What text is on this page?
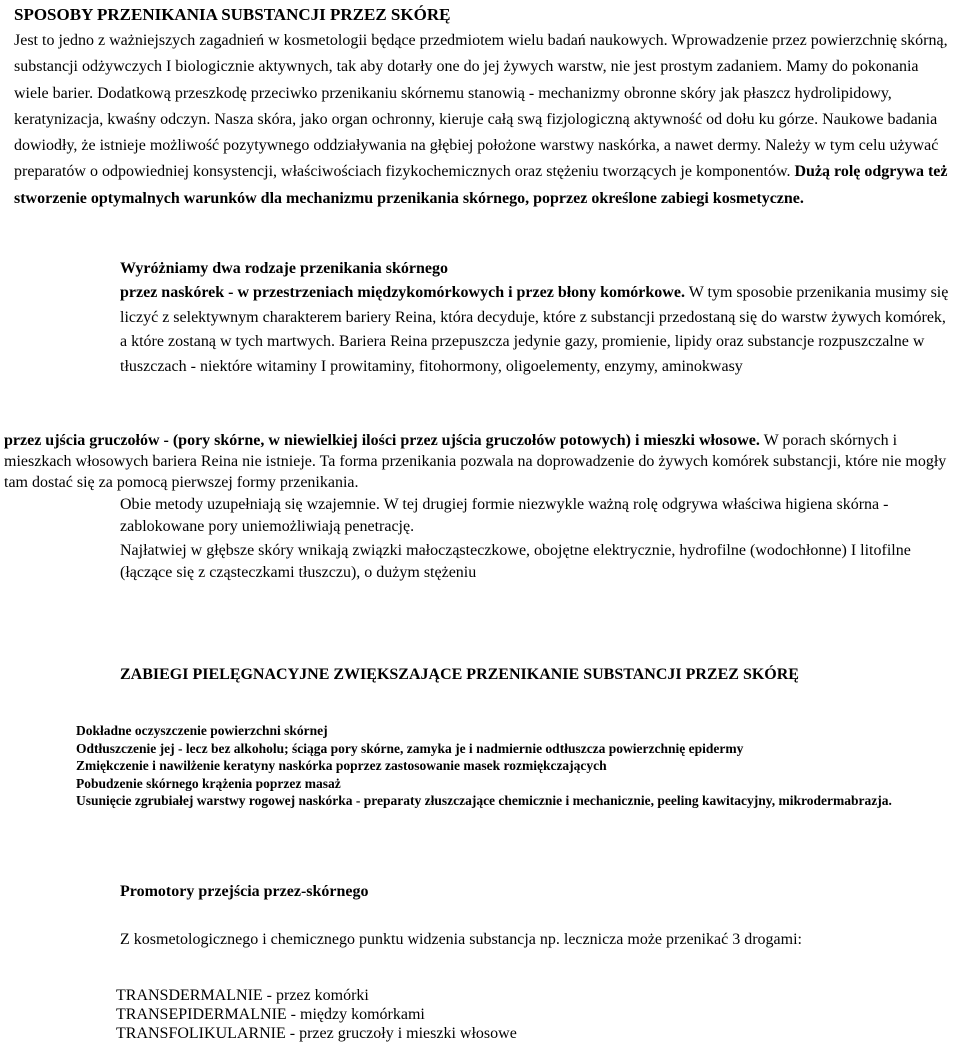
SPOSOBY PRZENIKANIA SUBSTANCJI PRZEZ SKÓRĘ

Jest to jedno z ważniejszych zagadnień w kosmetologii będące przedmiotem wielu badań naukowych. Wprowadzenie przez powierzchnię skórną, substancji odżywczych I biologicznie aktywnych, tak aby dotarły one do jej żywych warstw, nie jest prostym zadaniem. Mamy do pokonania wiele barier. Dodatkową przeszkodę przeciwko przenikaniu skórnemu stanowią - mechanizmy obronne skóry jak płaszcz hydrolipidowy, keratynizacja, kwaśny odczyn. Nasza skóra, jako organ ochronny, kieruje całą swą fizjologiczną aktywność od dołu ku górze. Naukowe badania dowiodły, że istnieje możliwość pozytywnego oddziaływania na głębiej położone warstwy naskórka, a nawet dermy. Należy w tym celu używać preparatów o odpowiedniej konsystencji, właściwościach fizykochemicznych oraz stężeniu tworzących je komponentów. Dużą rolę odgrywa też stworzenie optymalnych warunków dla mechanizmu przenikania skórnego, poprzez określone zabiegi kosmetyczne.

Wyróżniamy dwa rodzaje przenikania skórnego

przez naskórek - w przestrzeniach międzykomórkowych i przez błony komórkowe. W tym sposobie przenikania musimy się liczyć z selektywnym charakterem bariery Reina, która decyduje, które z substancji przedostaną się do warstw żywych komórek, a które zostaną w tych martwych. Bariera Reina przepuszcza jedynie gazy, promienie, lipidy oraz substancje rozpuszczalne w tłuszczach - niektóre witaminy I prowitaminy, fitohormony, oligoelementy, enzymy, aminokwasy

przez ujścia gruczołów - (pory skórne, w niewielkiej ilości przez ujścia gruczołów potowych) i mieszki włosowe. W porach skórnych i mieszkach włosowych bariera Reina nie istnieje. Ta forma przenikania pozwala na doprowadzenie do żywych komórek substancji, które nie mogły tam dostać się za pomocą pierwszej formy przenikania.

Obie metody uzupełniają się wzajemnie. W tej drugiej formie niezwykle ważną rolę odgrywa właściwa higiena skórna - zablokowane pory uniemożliwiają penetrację.

Najłatwiej w głębsze skóry wnikają związki małocząsteczkowe, obojętne elektrycznie, hydrofilne (wodochłonne) I litofilne (łączące się z cząsteczkami tłuszczu), o dużym stężeniu

ZABIEGI PIELĘGNACYJNE ZWIĘKSZAJĄCE PRZENIKANIE SUBSTANCJI PRZEZ SKÓRĘ
Dokładne oczyszczenie powierzchni skórnej
Odtłuszczenie jej - lecz bez alkoholu; ściąga pory skórne, zamyka je i nadmiernie odtłuszcza powierzchnię epidermy
Zmiękczenie i nawilżenie keratyny naskórka poprzez zastosowanie masek rozmiękczających
Pobudzenie skórnego krążenia poprzez masaż
Usunięcie zgrubiałej warstwy rogowej naskórka - preparaty złuszczające chemicznie i mechanicznie, peeling kawitacyjny, mikrodermabrazja.
Promotory przejścia przez-skórnego

Z kosmetologicznego i chemicznego punktu widzenia substancja np. lecznicza może przenikać 3 drogami:

TRANSDERMALNIE - przez komórki
TRANSEPIDERMALNIE - między komórkami
TRANSFOLIKULARNIE - przez gruczoły i mieszki włosowe
